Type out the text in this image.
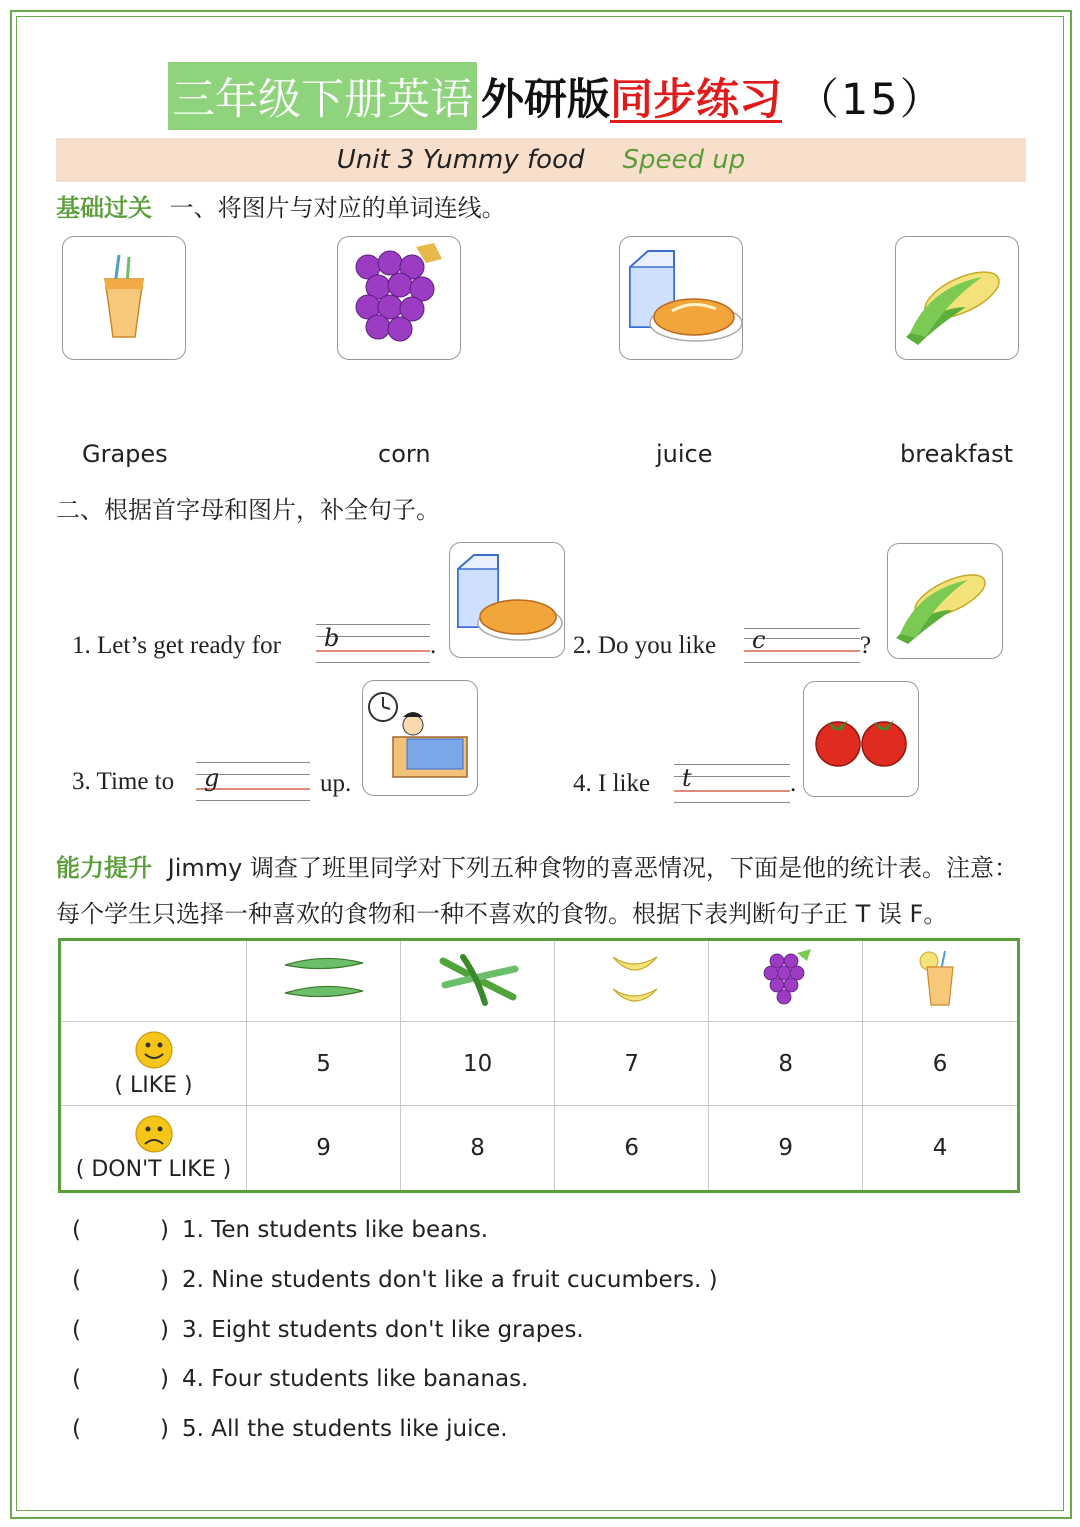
三年级下册英语 外研版 同步练习 （15）
Unit 3 Yummy food Speed up
基础过关 一、将图片与对应的单词连线。
Grapes	corn	juice	breakfast
二、根据首字母和图片，补全句子。
1. Let’s get ready for b	.	2. Do you like c	?
3. Time to g	up.	4. I like t	.
能力提升 Jimmy 调查了班里同学对下列五种食物的喜恶情况，下面是他的统计表。注意：
每个学生只选择一种喜欢的食物和一种不喜欢的食物。根据下表判断句子正 T 误 F。

( LIKE )	5	10	7	8	6

( DON'T LIKE )	9	8	6	9	4
(	) 1. Ten students like beans.
(	) 2. Nine students don't like a fruit cucumbers. )
(	) 3. Eight students don't like grapes.
(	) 4. Four students like bananas.
(	) 5. All the students like juice.
